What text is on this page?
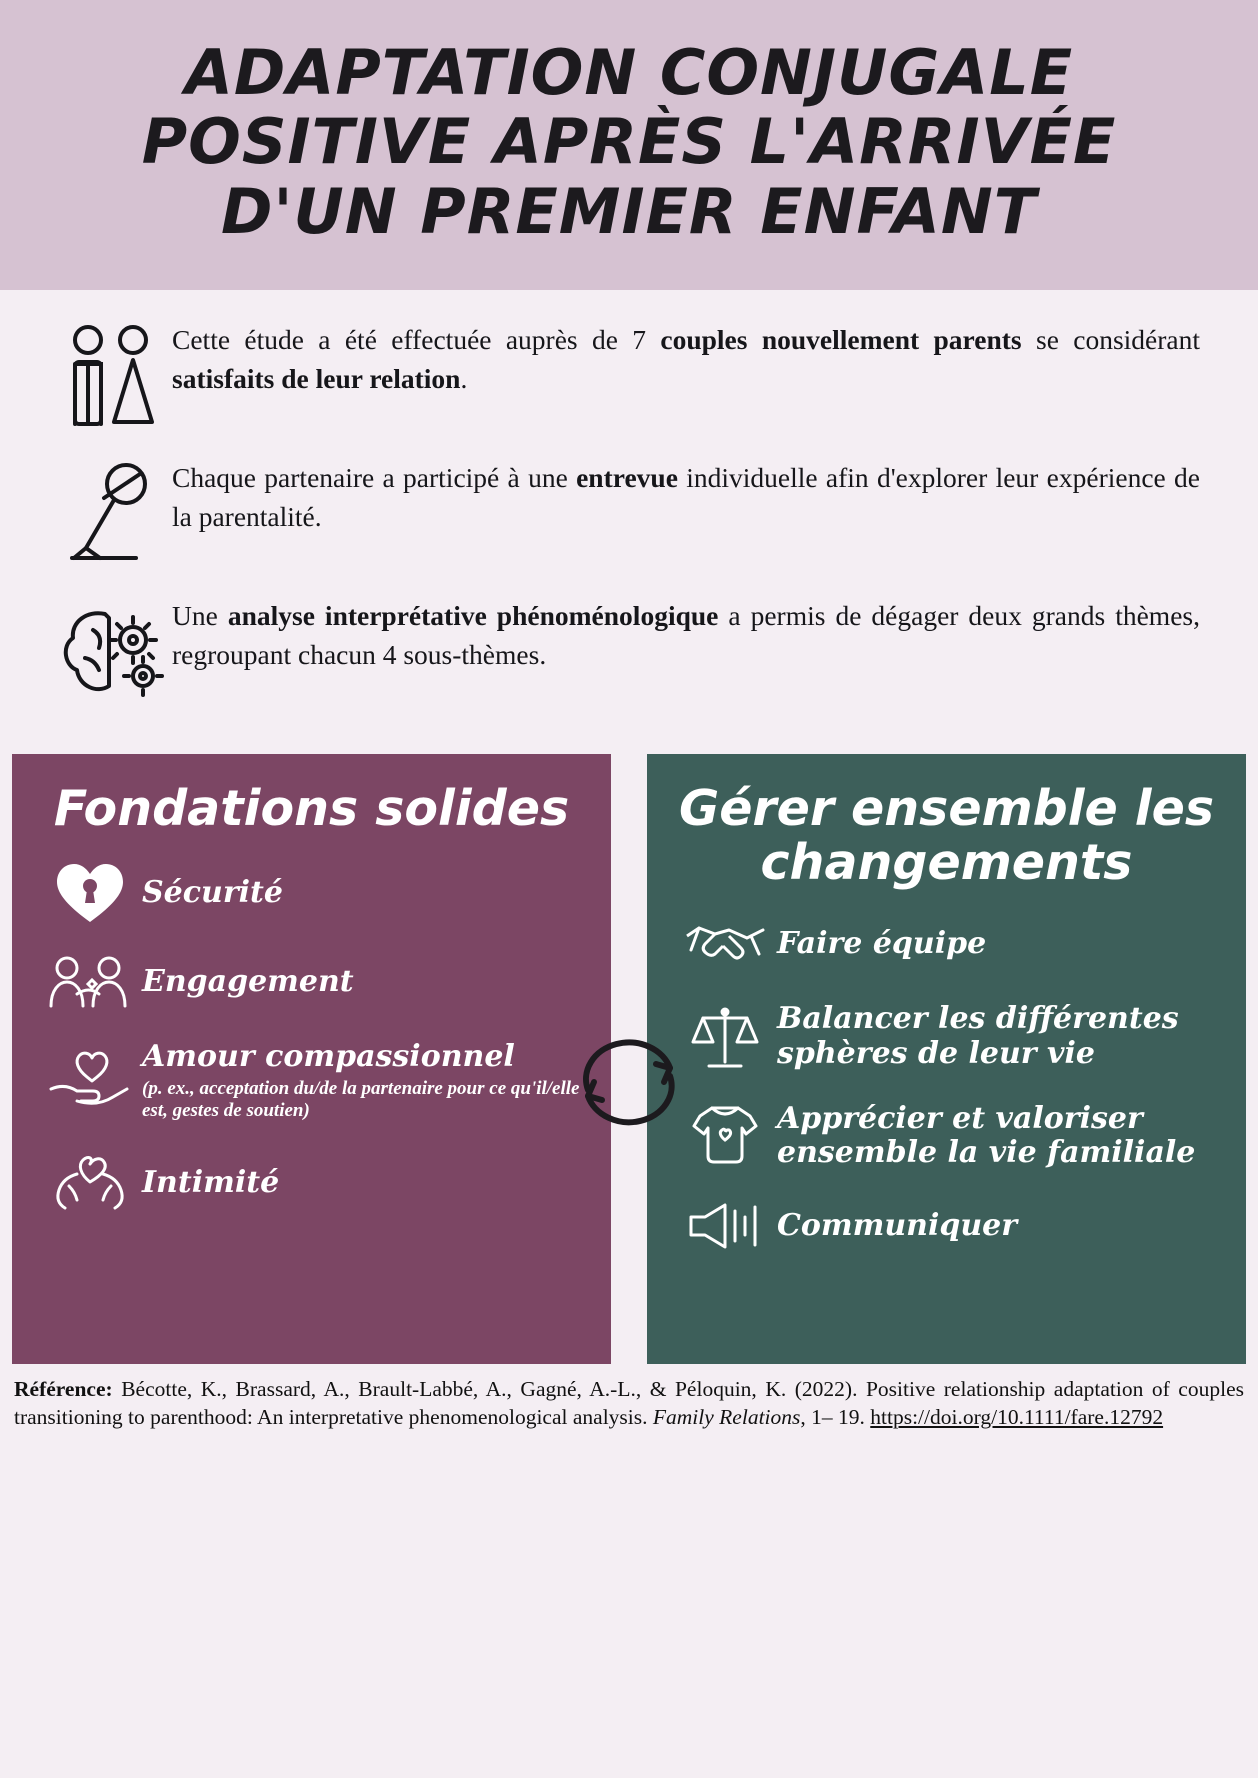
ADAPTATION CONJUGALE POSITIVE APRÈS L'ARRIVÉE D'UN PREMIER ENFANT
Cette étude a été effectuée auprès de 7 couples nouvellement parents se considérant satisfaits de leur relation.
Chaque partenaire a participé à une entrevue individuelle afin d'explorer leur expérience de la parentalité.
Une analyse interprétative phénoménologique a permis de dégager deux grands thèmes, regroupant chacun 4 sous-thèmes.
Fondations solides
Sécurité
Engagement
Amour compassionnel
(p. ex., acceptation du/de la partenaire pour ce qu'il/elle est, gestes de soutien)
Intimité
Gérer ensemble les changements
Faire équipe
Balancer les différentes sphères de leur vie
Apprécier et valoriser ensemble la vie familiale
Communiquer
Référence: Bécotte, K., Brassard, A., Brault-Labbé, A., Gagné, A.-L., & Péloquin, K. (2022). Positive relationship adaptation of couples transitioning to parenthood: An interpretative phenomenological analysis. Family Relations, 1– 19. https://doi.org/10.1111/fare.12792
